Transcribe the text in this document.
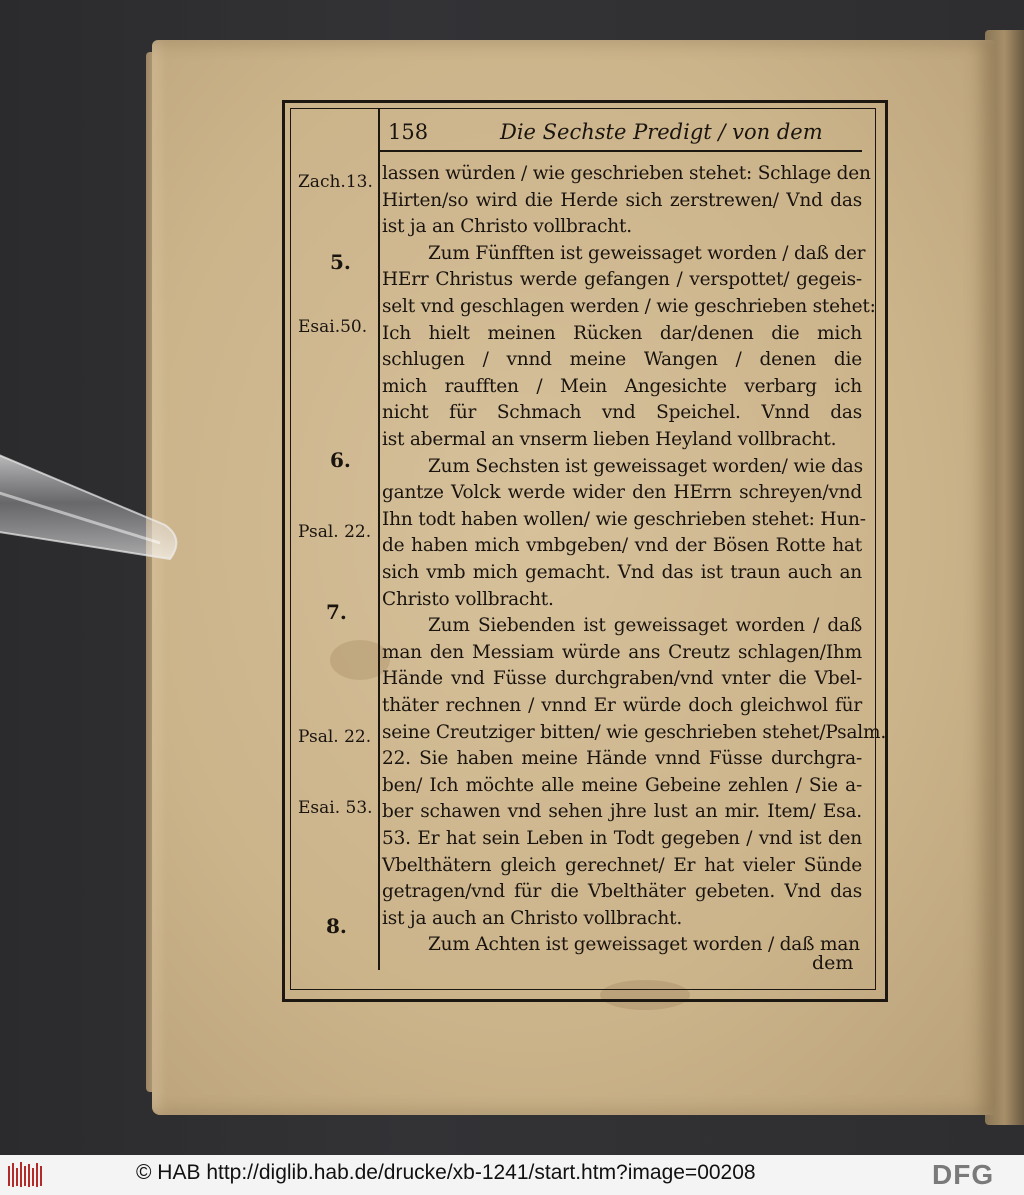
Zach.13.
5.
Esai.50.
6.
Psal. 22.
7.
Psal. 22.
Esai. 53.
8.
158	Die Sechste Predigt / von dem
lassen würden / wie geschrieben stehet: Schlage den
Hirten/so wird die Herde sich zerstrewen/ Vnd das
ist ja an Christo vollbracht.
Zum Fünfften ist geweissaget worden / daß der
HErr Christus werde gefangen / verspottet/ gegeis-
selt vnd geschlagen werden / wie geschrieben stehet:
Ich hielt meinen Rücken dar/denen die mich
schlugen / vnnd meine Wangen / denen die
mich raufften / Mein Angesichte verbarg ich
nicht für Schmach vnd Speichel. Vnnd das
ist abermal an vnserm lieben Heyland vollbracht.
Zum Sechsten ist geweissaget worden/ wie das
gantze Volck werde wider den HErrn schreyen/vnd
Ihn todt haben wollen/ wie geschrieben stehet: Hun-
de haben mich vmbgeben/ vnd der Bösen Rotte hat
sich vmb mich gemacht. Vnd das ist traun auch an
Christo vollbracht.
Zum Siebenden ist geweissaget worden / daß
man den Messiam würde ans Creutz schlagen/Ihm
Hände vnd Füsse durchgraben/vnd vnter die Vbel-
thäter rechnen / vnnd Er würde doch gleichwol für
seine Creutziger bitten/ wie geschrieben stehet/Psalm.
22. Sie haben meine Hände vnnd Füsse durchgra-
ben/ Ich möchte alle meine Gebeine zehlen / Sie a-
ber schawen vnd sehen jhre lust an mir. Item/ Esa.
53. Er hat sein Leben in Todt gegeben / vnd ist den
Vbelthätern gleich gerechnet/ Er hat vieler Sünde
getragen/vnd für die Vbelthäter gebeten. Vnd das
ist ja auch an Christo vollbracht.
Zum Achten ist geweissaget worden / daß man
dem
© HAB http://diglib.hab.de/drucke/xb-1241/start.htm?image=00208	DFG
